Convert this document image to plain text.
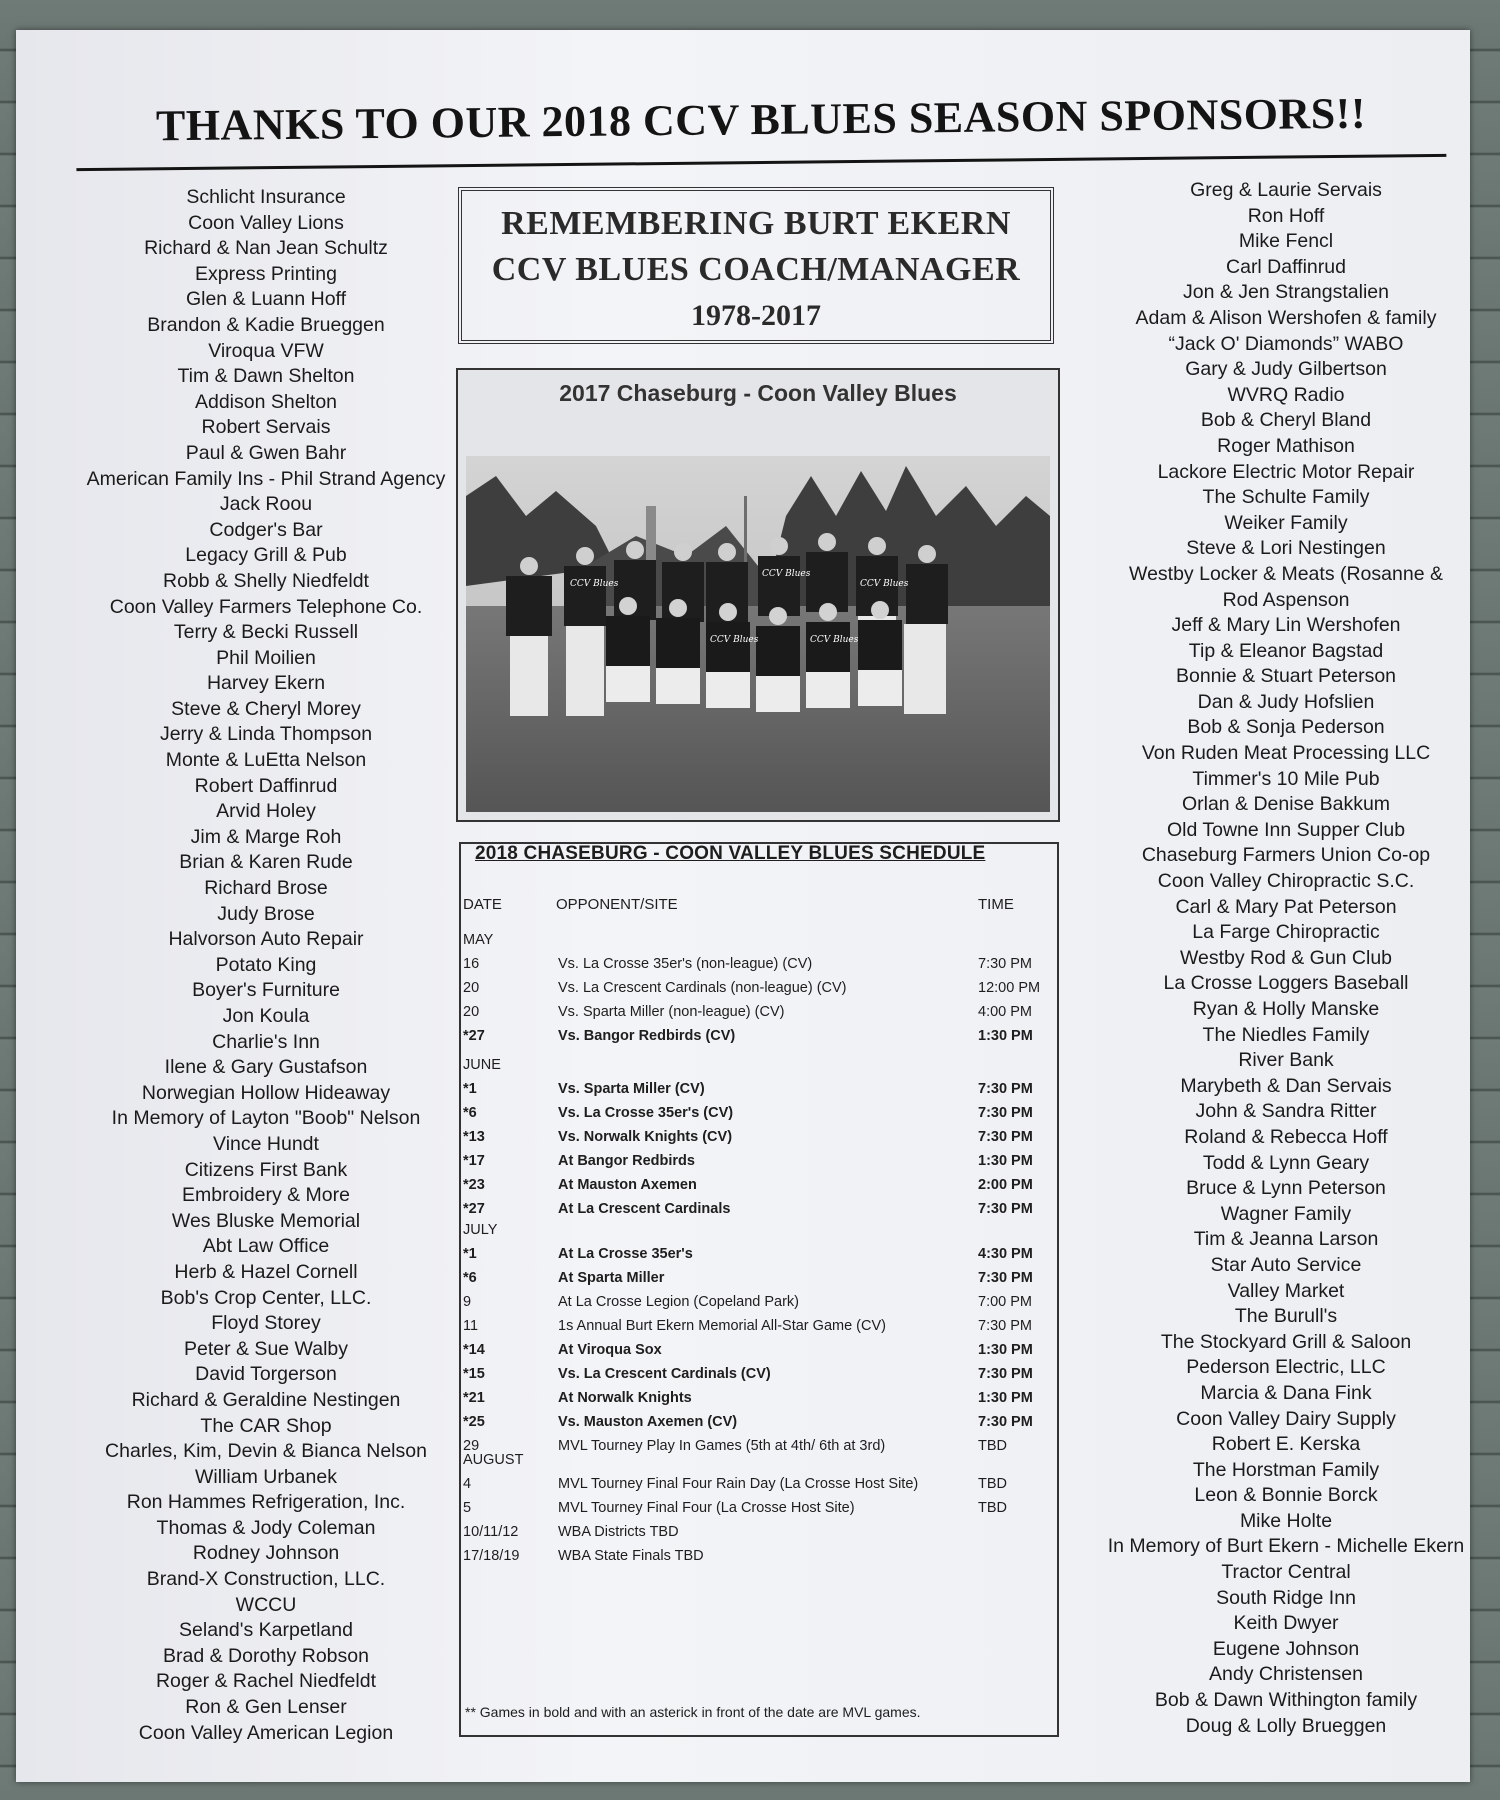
THANKS TO OUR 2018 CCV BLUES SEASON SPONSORS!!
Schlicht Insurance
Coon Valley Lions
Richard & Nan Jean Schultz
Express Printing
Glen & Luann Hoff
Brandon & Kadie Brueggen
Viroqua VFW
Tim & Dawn Shelton
Addison Shelton
Robert Servais
Paul & Gwen Bahr
American Family Ins - Phil Strand Agency
Jack Roou
Codger's Bar
Legacy Grill & Pub
Robb & Shelly Niedfeldt
Coon Valley Farmers Telephone Co.
Terry & Becki Russell
Phil Moilien
Harvey Ekern
Steve & Cheryl Morey
Jerry & Linda Thompson
Monte & LuEtta Nelson
Robert Daffinrud
Arvid Holey
Jim & Marge Roh
Brian & Karen Rude
Richard Brose
Judy Brose
Halvorson Auto Repair
Potato King
Boyer's Furniture
Jon Koula
Charlie's Inn
Ilene & Gary Gustafson
Norwegian Hollow Hideaway
In Memory of Layton "Boob" Nelson
Vince Hundt
Citizens First Bank
Embroidery & More
Wes Bluske Memorial
Abt Law Office
Herb & Hazel Cornell
Bob's Crop Center, LLC.
Floyd Storey
Peter & Sue Walby
David Torgerson
Richard & Geraldine Nestingen
The CAR Shop
Charles, Kim, Devin & Bianca Nelson
William Urbanek
Ron Hammes Refrigeration, Inc.
Thomas & Jody Coleman
Rodney Johnson
Brand-X Construction, LLC.
WCCU
Seland's Karpetland
Brad & Dorothy Robson
Roger & Rachel Niedfeldt
Ron & Gen Lenser
Coon Valley American Legion
Greg & Laurie Servais
Ron Hoff
Mike Fencl
Carl Daffinrud
Jon & Jen Strangstalien
Adam & Alison Wershofen & family
“Jack O' Diamonds” WABO
Gary & Judy Gilbertson
WVRQ Radio
Bob & Cheryl Bland
Roger Mathison
Lackore Electric Motor Repair
The Schulte Family
Weiker Family
Steve & Lori Nestingen
Westby Locker & Meats (Rosanne &
Rod Aspenson
Jeff & Mary Lin Wershofen
Tip & Eleanor Bagstad
Bonnie & Stuart Peterson
Dan & Judy Hofslien
Bob & Sonja Pederson
Von Ruden Meat Processing LLC
Timmer's 10 Mile Pub
Orlan & Denise Bakkum
Old Towne Inn Supper Club
Chaseburg Farmers Union Co-op
Coon Valley Chiropractic S.C.
Carl & Mary Pat Peterson
La Farge Chiropractic
Westby Rod & Gun Club
La Crosse Loggers Baseball
Ryan & Holly Manske
The Niedles Family
River Bank
Marybeth & Dan Servais
John & Sandra Ritter
Roland & Rebecca Hoff
Todd & Lynn Geary
Bruce & Lynn Peterson
Wagner Family
Tim & Jeanna Larson
Star Auto Service
Valley Market
The Burull's
The Stockyard Grill & Saloon
Pederson Electric, LLC
Marcia & Dana Fink
Coon Valley Dairy Supply
Robert E. Kerska
The Horstman Family
Leon & Bonnie Borck
Mike Holte
In Memory of Burt Ekern - Michelle Ekern
Tractor Central
South Ridge Inn
Keith Dwyer
Eugene Johnson
Andy Christensen
Bob & Dawn Withington family
Doug & Lolly Brueggen
REMEMBERING BURT EKERN
CCV BLUES COACH/MANAGER
1978-2017
2017 Chaseburg - Coon Valley Blues
CCV Blues
CCV Blues
CCV Blues
CCV Blues	CCV Blues
2018 CHASEBURG - COON VALLEY BLUES SCHEDULE
DATE	OPPONENT/SITE	TIME
MAY
16	Vs. La Crosse 35er's (non-league) (CV)	7:30 PM
20	Vs. La Crescent Cardinals (non-league) (CV)	12:00 PM
20	Vs. Sparta Miller (non-league) (CV)	4:00 PM
*27	Vs. Bangor Redbirds (CV)	1:30 PM
JUNE
*1	Vs. Sparta Miller (CV)	7:30 PM
*6	Vs. La Crosse 35er's (CV)	7:30 PM
*13	Vs. Norwalk Knights (CV)	7:30 PM
*17	At Bangor Redbirds	1:30 PM
*23	At Mauston Axemen	2:00 PM
*27	At La Crescent Cardinals	7:30 PM
JULY
*1	At La Crosse 35er's	4:30 PM
*6	At Sparta Miller	7:30 PM
9	At La Crosse Legion (Copeland Park)	7:00 PM
11	1s Annual Burt Ekern Memorial All-Star Game (CV)	7:30 PM
*14	At Viroqua Sox	1:30 PM
*15	Vs. La Crescent Cardinals (CV)	7:30 PM
*21	At Norwalk Knights	1:30 PM
*25	Vs. Mauston Axemen (CV)	7:30 PM
29	MVL Tourney Play In Games (5th at 4th/ 6th at 3rd)	TBD
AUGUST
4	MVL Tourney Final Four Rain Day (La Crosse Host Site)	TBD
5	MVL Tourney Final Four (La Crosse Host Site)	TBD
10/11/12	WBA Districts TBD
17/18/19	WBA State Finals TBD
** Games in bold and with an asterick in front of the date are MVL games.
